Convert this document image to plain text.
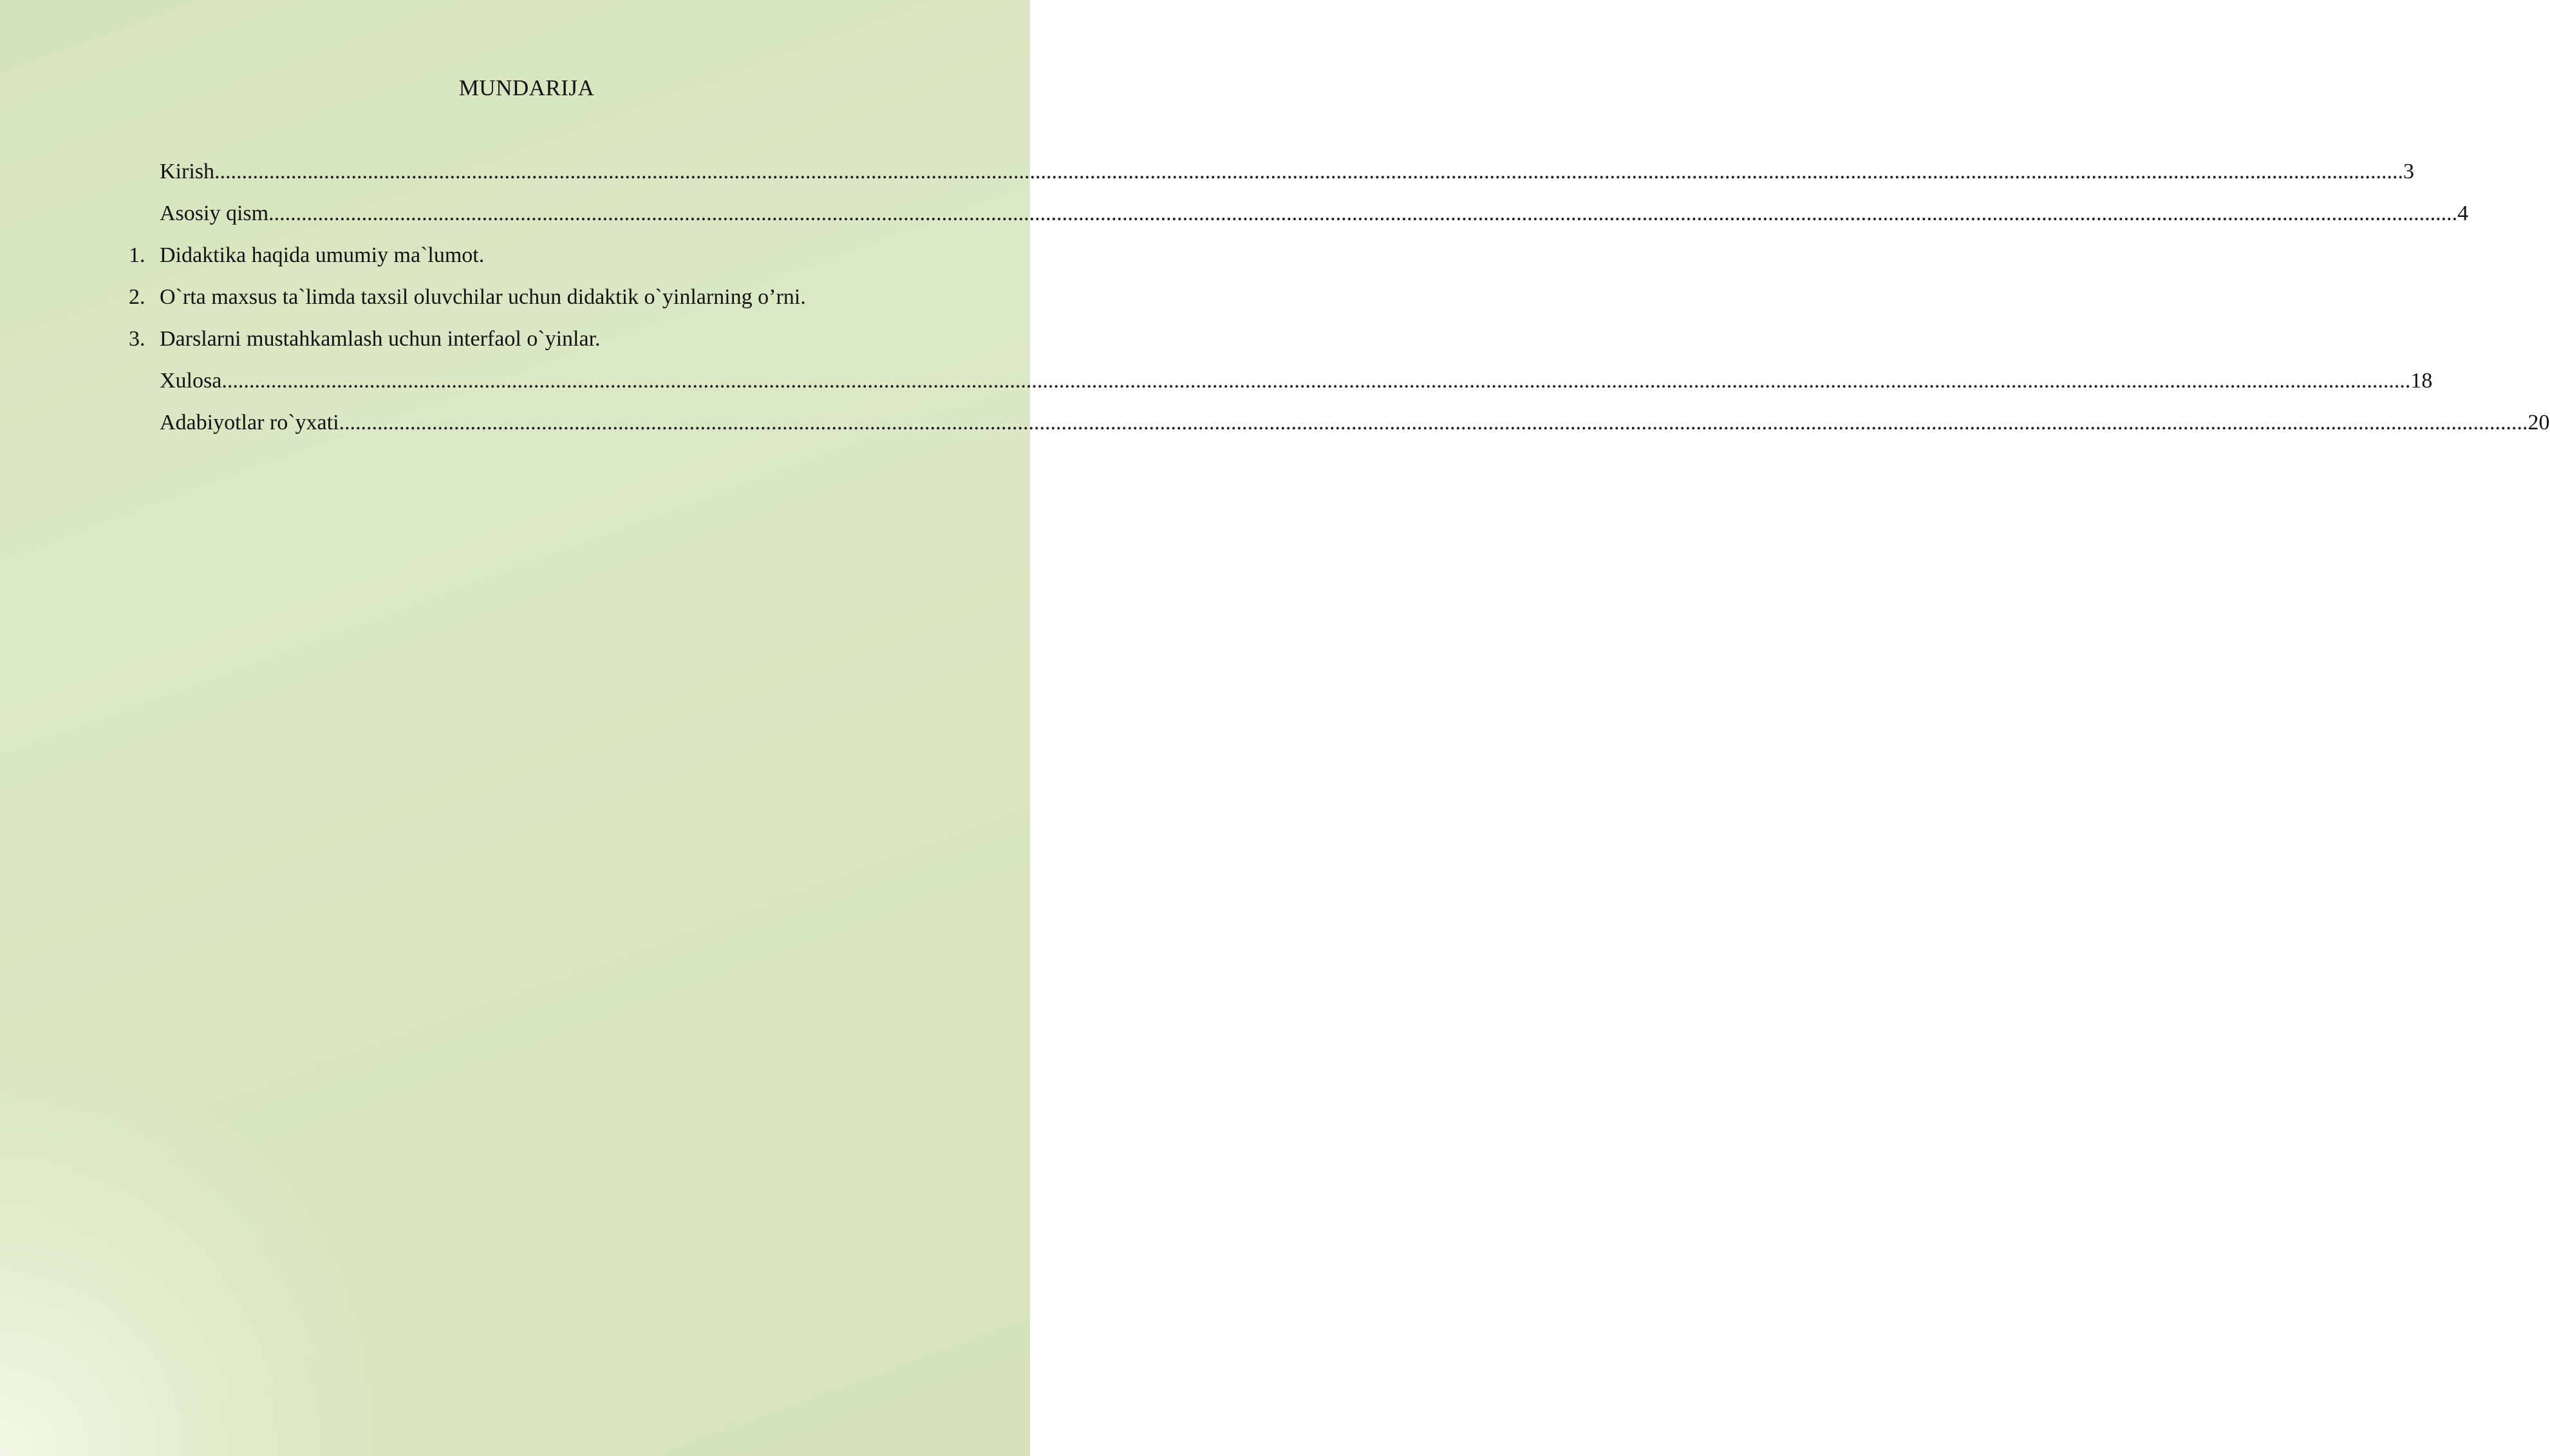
MUNDARIJA
Kirish ................................................................................................................................................................................................................................................................................................................................................................................................................ 3
Asosiy qism ................................................................................................................................................................................................................................................................................................................................................................................................................ 4
1. Didaktika haqida umumiy ma`lumot.
2. O`rta maxsus ta`limda taxsil oluvchilar uchun didaktik o`yinlarning o’rni.
3. Darslarni mustahkamlash uchun interfaol o`yinlar.
Xulosa ................................................................................................................................................................................................................................................................................................................................................................................................................ 18
Adabiyotlar ro`yxati ................................................................................................................................................................................................................................................................................................................................................................................................................ 20
